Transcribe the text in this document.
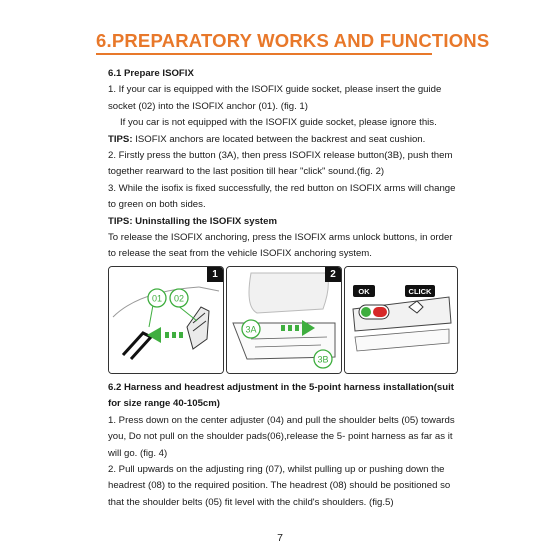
6.PREPARATORY WORKS AND FUNCTIONS

6.1 Prepare ISOFIX

1. If your car is equipped with the ISOFIX guide socket, please insert the guide socket (02) into the ISOFIX anchor (01). (fig. 1)

If you car is not equipped with the ISOFIX guide socket, please ignore this.

TIPS: ISOFIX anchors are located between the backrest and seat cushion.

2. Firstly press the button (3A), then press ISOFIX release button(3B), push them together rearward to the last position till hear "click" sound.(fig. 2)

3. While the isofix is fixed successfully, the red button on ISOFIX arms will change to green on both sides.

TIPS: Uninstalling the ISOFIX system

To release the ISOFIX anchoring, press the ISOFIX arms unlock buttons, in order to release the seat from the vehicle ISOFIX anchoring system.

01 02
1
3A
3B
2
OK	CLICK

6.2 Harness and headrest adjustment in the 5-point harness installation(suit for size range 40-105cm)

1. Press down on the center adjuster (04) and pull the shoulder belts (05) towards you, Do not pull on the shoulder pads(06),release the 5- point harness as far as it will go. (fig. 4)

2. Pull upwards on the adjusting ring (07), whilst pulling up or pushing down the headrest (08) to the required position. The headrest (08) should be positioned so that the shoulder belts (05) fit level with the child's shoulders. (fig.5)

7
